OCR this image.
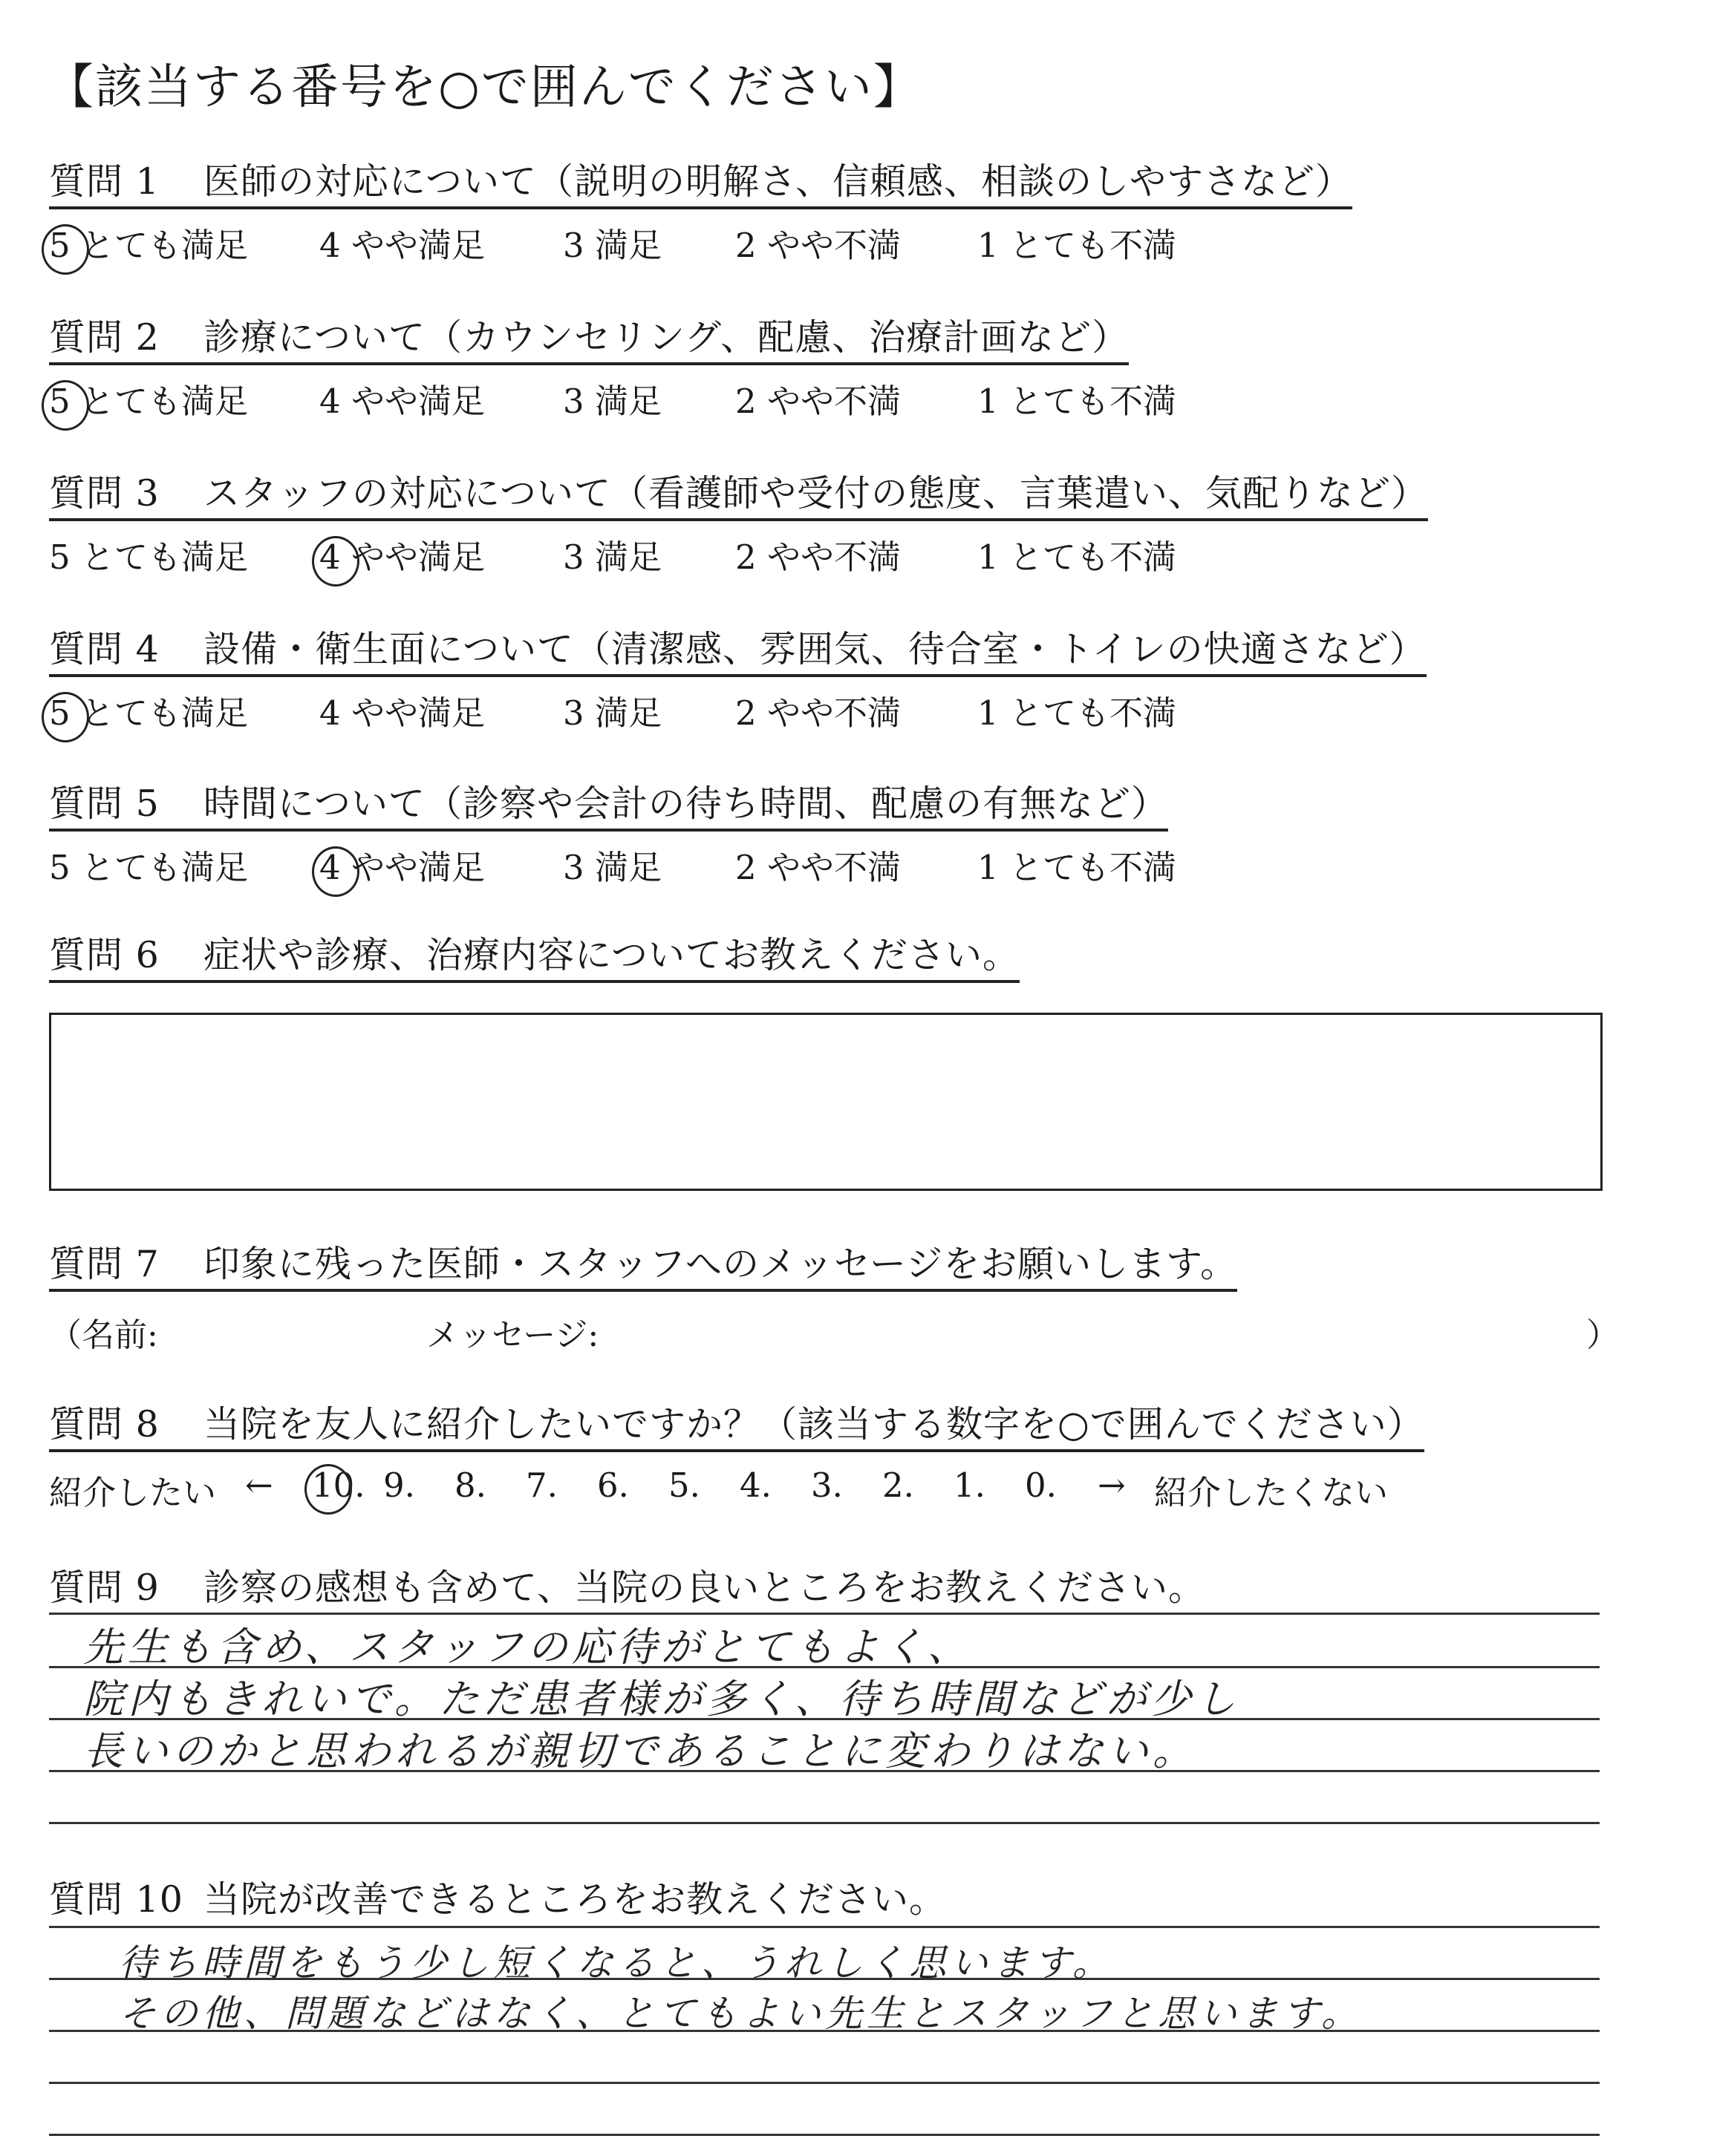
【該当する番号を○で囲んでください】
質問 1 医師の対応について（説明の明解さ、信頼感、相談のしやすさなど）
5 とても満足 4 やや満足 3 満足 2 やや不満 1 とても不満
質問 2 診療について（カウンセリング、配慮、治療計画など）
5 とても満足 4 やや満足 3 満足 2 やや不満 1 とても不満
質問 3 スタッフの対応について（看護師や受付の態度、言葉遣い、気配りなど）
5 とても満足 4 やや満足 3 満足 2 やや不満 1 とても不満
質問 4 設備・衛生面について（清潔感、雰囲気、待合室・トイレの快適さなど）
5 とても満足 4 やや満足 3 満足 2 やや不満 1 とても不満
質問 5 時間について（診察や会計の待ち時間、配慮の有無など）
5 とても満足 4 やや満足 3 満足 2 やや不満 1 とても不満
質問 6 症状や診療、治療内容についてお教えください。
質問 7 印象に残った医師・スタッフへのメッセージをお願いします。
（名前:	メッセージ:	）
質問 8 当院を友人に紹介したいですか？（該当する数字を○で囲んでください）
紹介したい ← 10. 9. 8. 7. 6. 5. 4. 3. 2. 1. 0. → 紹介したくない
質問 9 診察の感想も含めて、当院の良いところをお教えください。
先生も含め、スタッフの応待がとてもよく、
院内もきれいで。ただ患者様が多く、待ち時間などが少し
長いのかと思われるが親切であることに変わりはない。
質問 10 当院が改善できるところをお教えください。
待ち時間をもう少し短くなると、うれしく思います。
その他、問題などはなく、とてもよい先生とスタッフと思います。
